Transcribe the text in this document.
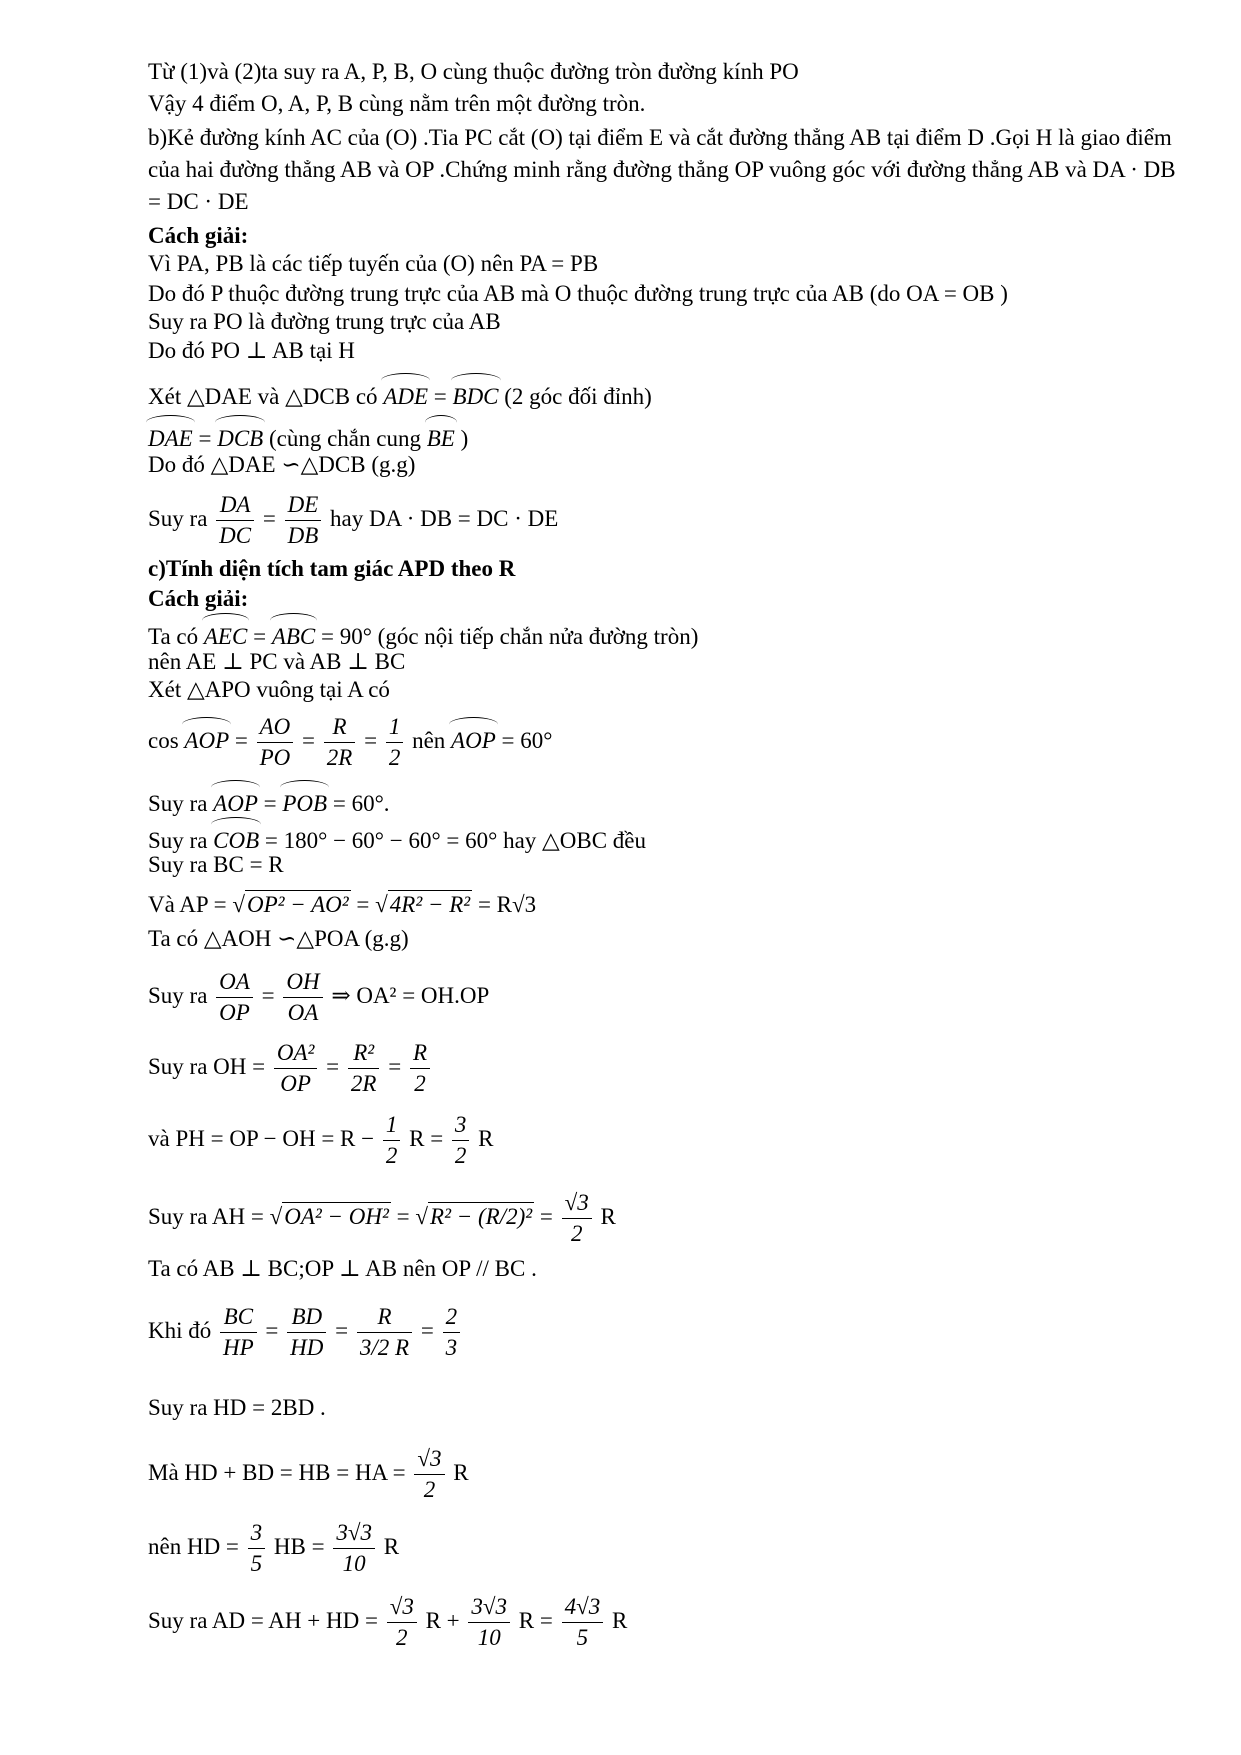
Từ (1)và (2)ta suy ra A, P, B, O cùng thuộc đường tròn đường kính PO
Vậy 4 điểm O, A, P, B cùng nằm trên một đường tròn.
b)Kẻ đường kính AC của (O) .Tia PC cắt (O) tại điểm E và cắt đường thẳng AB tại điểm D .Gọi H là giao điểm của hai đường thẳng AB và OP .Chứng minh rằng đường thẳng OP vuông góc với đường thẳng AB và DA · DB = DC · DE
Cách giải:
Vì PA, PB là các tiếp tuyến của (O) nên PA = PB
Do đó P thuộc đường trung trực của AB mà O thuộc đường trung trực của AB (do OA = OB )
Suy ra PO là đường trung trực của AB
Do đó PO ⊥ AB tại H
Xét △DAE và △DCB có ADE = BDC (2 góc đối đỉnh)
DAE = DCB (cùng chắn cung BE )
Do đó △DAE ∽△DCB (g.g)
Suy ra $\frac{DA}{DC} = \frac{DE}{DB}$ hay DA · DB = DC · DE
c)Tính diện tích tam giác APD theo R
Cách giải:
Ta có AEC = ABC = 90° (góc nội tiếp chắn nửa đường tròn)
nên AE ⊥ PC và AB ⊥ BC
Xét △APO vuông tại A có
cos AOP = $\frac{AO}{PO} = \frac{R}{2R} = \frac{1}{2}$ nên AOP = 60°
Suy ra AOP = POB = 60°.
Suy ra COB = 180° − 60° − 60° = 60° hay △OBC đều
Suy ra BC = R
Và AP = √OP² − AO² = √4R² − R² = R√3
Ta có △AOH ∽△POA (g.g)
Suy ra $\frac{OA}{OP} = \frac{OH}{OA}$ ⇒ OA² = OH.OP
Suy ra OH = $\frac{\text{OA²}}{OP} = \frac{\text{R²}}{2R} = \frac{R}{2}$
và PH = OP − OH = $R - \frac{1}{2}$ $R = \frac{3}{2}$ R
Suy ra AH = $√OA^2 - OH^2 = √R^2 - (R/2)^2 = \frac{√3}{2}$ R
Ta có AB ⊥ BC;OP ⊥ AB nên OP // BC .
Khi đó $\frac{BC}{HP} = \frac{BD}{HD} = \frac{R}{3/2 R} = \frac{2}{3}$
Suy ra HD = 2BD .
Mà HD + BD = HB = HA = $\frac{√3}{2}$ R
nên HD = $\frac{3}{5}$ HB = $\frac{3√3}{10}$ R
Suy ra AD = AH + HD = $\frac{√3}{2}$ $R + \frac{3√3}{10}$ $R = \frac{4√3}{5}$ R
